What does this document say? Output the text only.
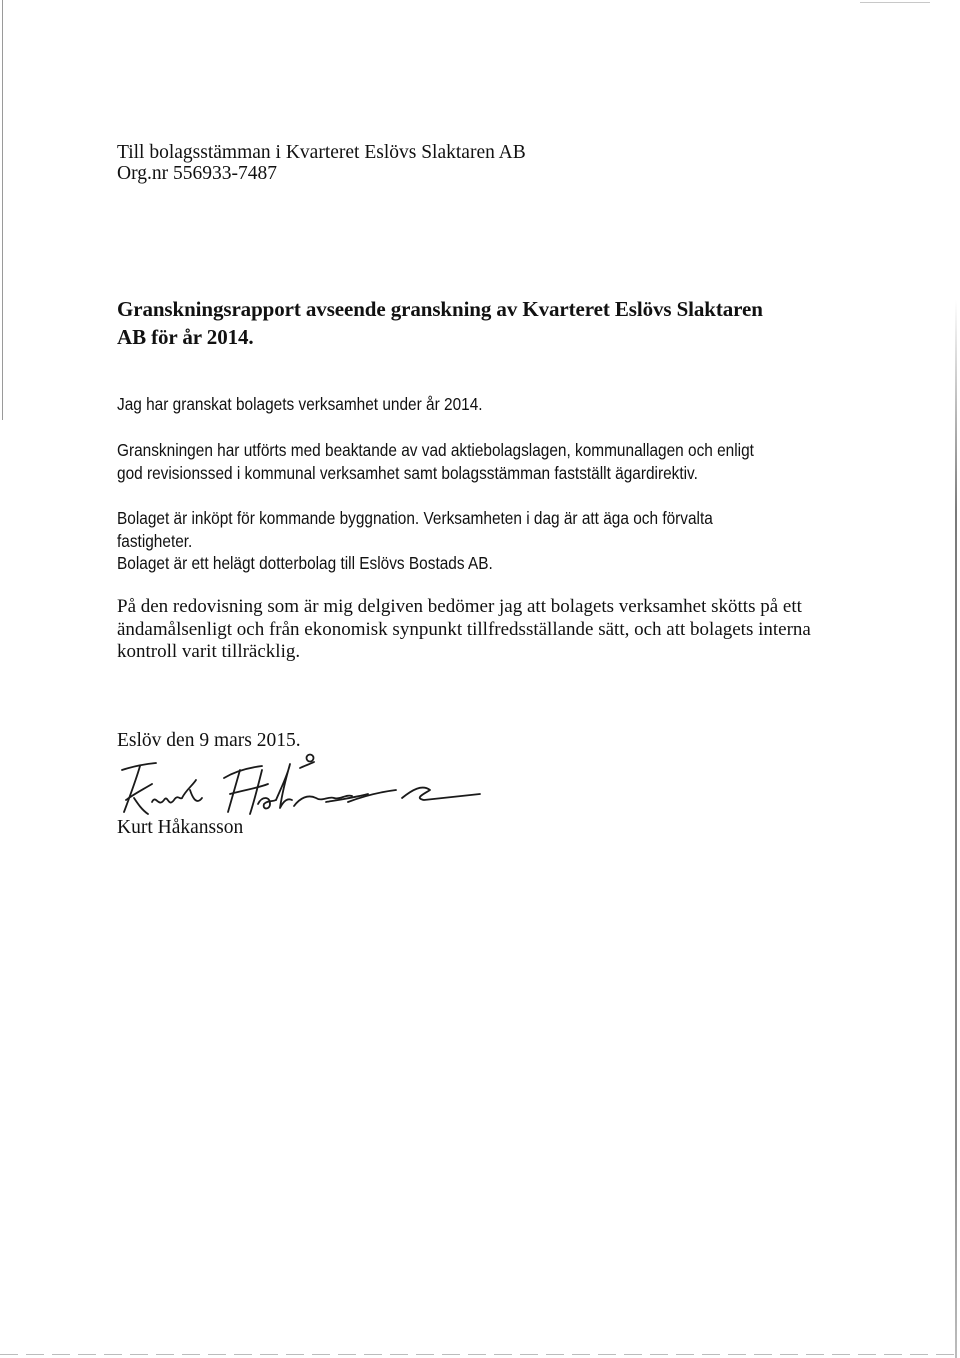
Till bolagsstämman i Kvarteret Eslövs Slaktaren AB

Org.nr 556933-7487

Granskningsrapport avseende granskning av Kvarteret Eslövs Slaktaren

AB för år 2014.

Jag har granskat bolagets verksamhet under år 2014.

Granskningen har utförts med beaktande av vad aktiebolagslagen, kommunallagen och enligt

god revisionssed i kommunal verksamhet samt bolagsstämman fastställt ägardirektiv.

Bolaget är inköpt för kommande byggnation. Verksamheten i dag är att äga och förvalta

fastigheter.

Bolaget är ett helägt dotterbolag till Eslövs Bostads AB.

På den redovisning som är mig delgiven bedömer jag att bolagets verksamhet skötts på ett

ändamålsenligt och från ekonomisk synpunkt tillfredsställande sätt, och att bolagets interna

kontroll varit tillräcklig.

Eslöv den 9 mars 2015.

Kurt Håkansson
